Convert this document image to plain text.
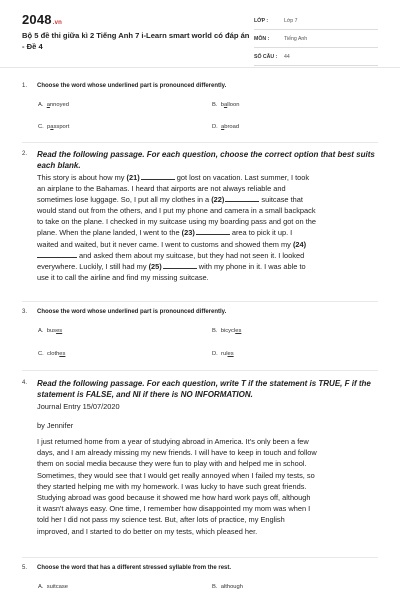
2048.vn
Bộ 5 đề thi giữa kì 2 Tiếng Anh 7 i-Learn smart world có đáp án - Đề 4
LỚP :	Lớp 7
MÔN :	Tiếng Anh
SỐ CÂU :	44
1. Choose the word whose underlined part is pronounced differently.
A. annoyed	B. balloon
C. passport	D. abroad
2. Read the following passage. For each question, choose the correct option that best suits each blank.
This story is about how my (21)	got lost on vacation. Last summer, I took
an airplane to the Bahamas. I heard that airports are not always reliable and
sometimes lose luggage. So, I put all my clothes in a (22)	suitcase that
would stand out from the others, and I put my phone and camera in a small backpack
to take on the plane. I checked in my suitcase using my boarding pass and got on the
plane. When the plane landed, I went to the (23)	area to pick it up. I
waited and waited, but it never came. I went to customs and showed them my (24)
and asked them about my suitcase, but they had not seen it. I looked
everywhere. Luckily, I still had my (25)	with my phone in it. I was able to
use it to call the airline and find my missing suitcase.
3. Choose the word whose underlined part is pronounced differently.
A. buses	B. bicycles
C. clothes	D. rules
4. Read the following passage. For each question, write T if the statement is TRUE, F if the statement is FALSE, and NI if there is NO INFORMATION.
Journal Entry 15/07/2020
by Jennifer
I just returned home from a year of studying abroad in America. It's only been a few
days, and I am already missing my new friends. I will have to keep in touch and follow
them on social media because they were fun to play with and helped me in school.
Sometimes, they would see that I would get really annoyed when I failed my tests, so
they started helping me with my homework. I was lucky to have such great friends.
Studying abroad was good because it showed me how hard work pays off, although
it wasn't always easy. One time, I remember how disappointed my mom was when I
told her I did not pass my science test. But, after lots of practice, my English
improved, and I started to do better on my tests, which pleased her.
5. Choose the word that has a different stressed syllable from the rest.
A. suitcase	B. although
